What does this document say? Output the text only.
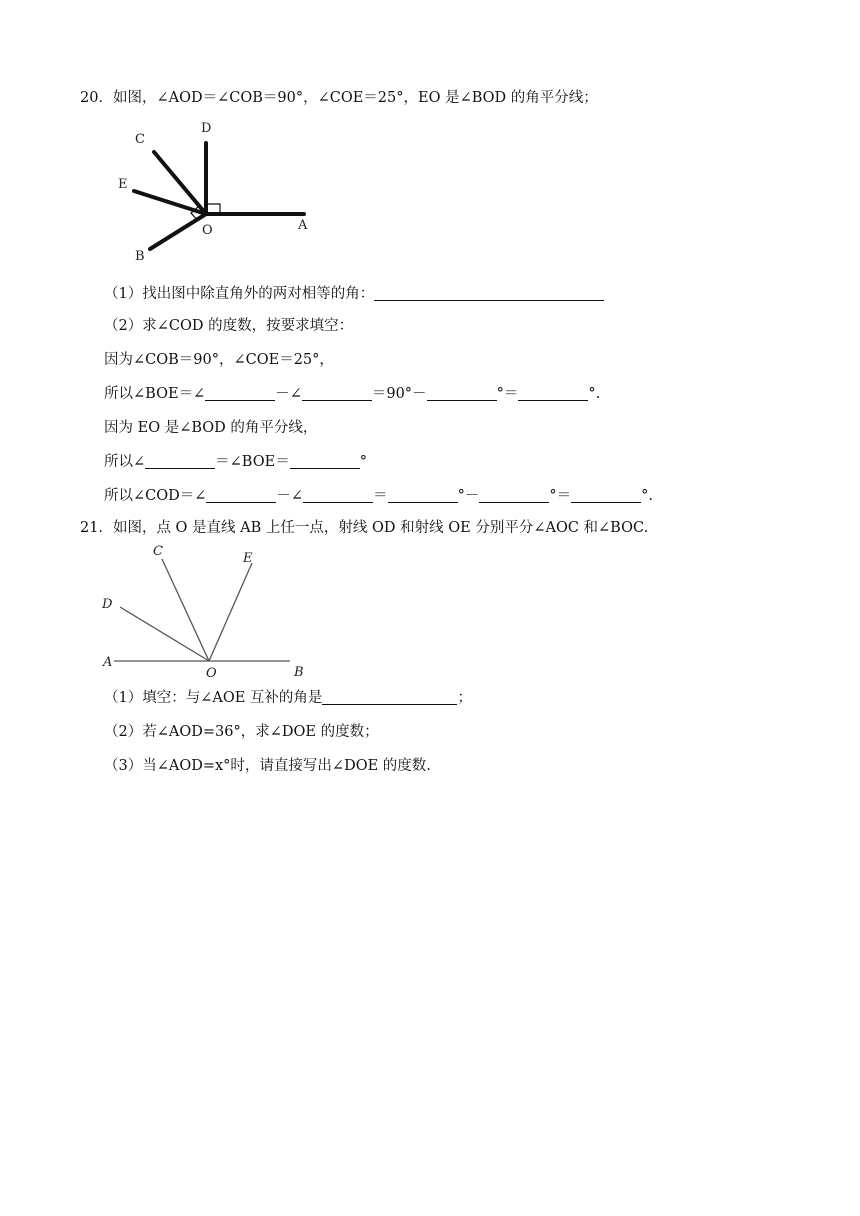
20．如图，∠AOD＝∠COB＝90°，∠COE＝25°，EO 是∠BOD 的角平分线；
C
D
E
O	A
B
（1）找出图中除直角外的两对相等的角：
（2）求∠COD 的度数，按要求填空：
因为∠COB＝90°，∠COE＝25°，
所以∠BOE＝∠	－∠	＝90°－	°＝	°.
因为 EO 是∠BOD 的角平分线，
所以∠	＝∠BOE＝	°
所以∠COD＝∠	－∠	＝	°－	°＝	°.
21．如图，点 O 是直线 AB 上任一点，射线 OD 和射线 OE 分别平分∠AOC 和∠BOC.
C	E
D
A
O	B
（1）填空：与∠AOE 互补的角是	；
（2）若∠AOD=36°，求∠DOE 的度数；
（3）当∠AOD=x°时，请直接写出∠DOE 的度数.
